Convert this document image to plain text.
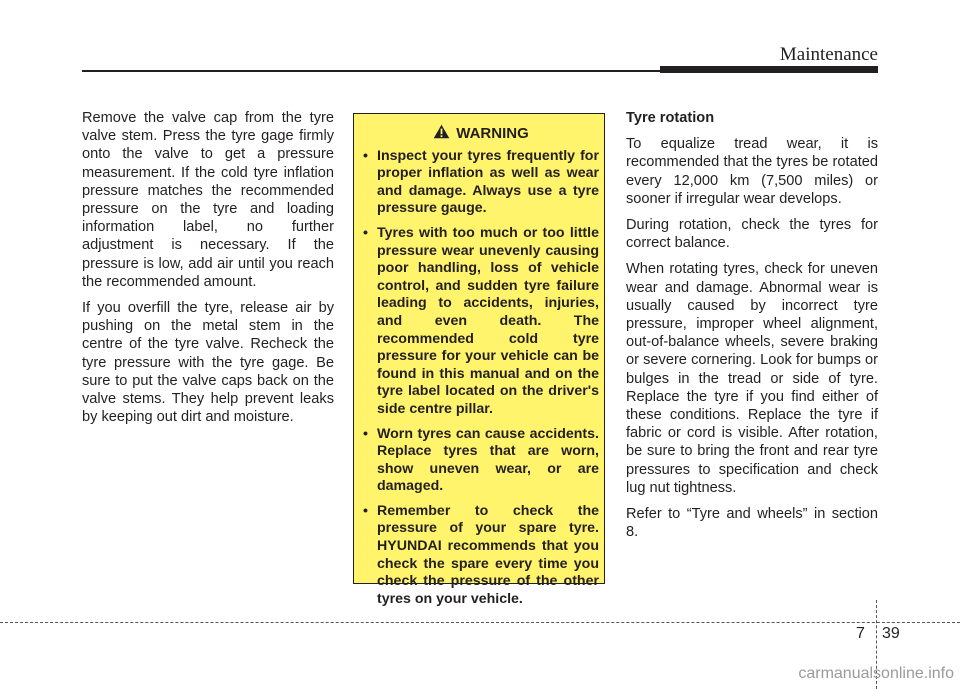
Maintenance

Remove the valve cap from the tyre valve stem. Press the tyre gage firmly onto the valve to get a pressure measurement. If the cold tyre inflation pressure matches the recommended pressure on the tyre and loading information label, no further adjustment is necessary. If the pressure is low, add air until you reach the recommended amount.

If you overfill the tyre, release air by pushing on the metal stem in the centre of the tyre valve. Recheck the tyre pressure with the tyre gage. Be sure to put the valve caps back on the valve stems. They help prevent leaks by keeping out dirt and moisture.

WARNING
• Inspect your tyres frequently for proper inflation as well as wear and damage. Always use a tyre pressure gauge.
• Tyres with too much or too little pressure wear unevenly causing poor handling, loss of vehicle control, and sudden tyre failure leading to accidents, injuries, and even death. The recommended cold tyre pressure for your vehicle can be found in this manual and on the tyre label located on the driver's side centre pillar.
• Worn tyres can cause accidents. Replace tyres that are worn, show uneven wear, or are damaged.
• Remember to check the pressure of your spare tyre. HYUNDAI recommends that you check the spare every time you check the pressure of the other tyres on your vehicle.

Tyre rotation

To equalize tread wear, it is recommended that the tyres be rotated every 12,000 km (7,500 miles) or sooner if irregular wear develops.

During rotation, check the tyres for correct balance.

When rotating tyres, check for uneven wear and damage. Abnormal wear is usually caused by incorrect tyre pressure, improper wheel alignment, out-of-balance wheels, severe braking or severe cornering. Look for bumps or bulges in the tread or side of tyre. Replace the tyre if you find either of these conditions. Replace the tyre if fabric or cord is visible. After rotation, be sure to bring the front and rear tyre pressures to specification and check lug nut tightness.

Refer to “Tyre and wheels” in section 8.

7 39
carmanualsonline.info
